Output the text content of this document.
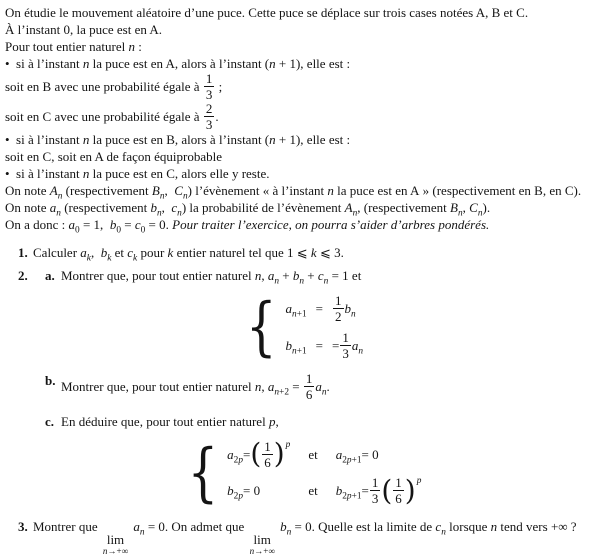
On étudie le mouvement aléatoire d’une puce. Cette puce se déplace sur trois cases notées A, B et C.
À l’instant 0, la puce est en A.
Pour tout entier naturel n :
•  si à l’instant n la puce est en A, alors à l’instant (n + 1), elle est :
soit en B avec une probabilité égale à $\frac{1}{3}$ ;
soit en C avec une probabilité égale à $\frac{2}{3}$ .
•  si à l’instant n la puce est en B, alors à l’instant (n + 1), elle est :
soit en C, soit en A de façon équiprobable
•  si à l’instant n la puce est en C, alors elle y reste.
On note $A_n$ (respectivement $B_n$,  $C_n$) l’évènement « à l’instant n la puce est en A » (respectivement en B, en C).
On note $a_n$ (respectivement $b_n$,  $c_n$) la probabilité de l’évènement $A_n$, (respectivement $B_n$, $C_n$).
On a donc : $a_0 = 1$,  $b_0 = c_0 = 0$. Pour traiter l’exercice, on pourra s’aider d’arbres pondérés.
1. Calculer $a_k$,  $b_k$ et $c_k$ pour k entier naturel tel que 1 ⩽ k ⩽ 3.
2.	a. Montrer que, pour tout entier naturel n, $a_n + b_n + c_n = 1$ et
{ $a_{n+1} = \frac{1}{2} b_n$
$b_{n+1}$ = = $\frac{1}{3} a_n$
b. Montrer que, pour tout entier naturel n, $a_{n+2} = \frac{1}{6} a_n$.
c. En déduire que, pour tout entier naturel p,
{ $a_{2p}$ = ( $\frac{1}{6}$ ) p
et $a_{2p+1} = 0$
$b_{2p} = 0$	et $b_{2p+1} = \frac{1}{3}$ ( $\frac{1}{6}$ ) p
3. Montrer que
lim
n→+∞
$a_n = 0$. On admet que
lim
n→+∞
$b_n = 0$. Quelle est la limite de $c_n$ lorsque n tend vers +∞ ?
